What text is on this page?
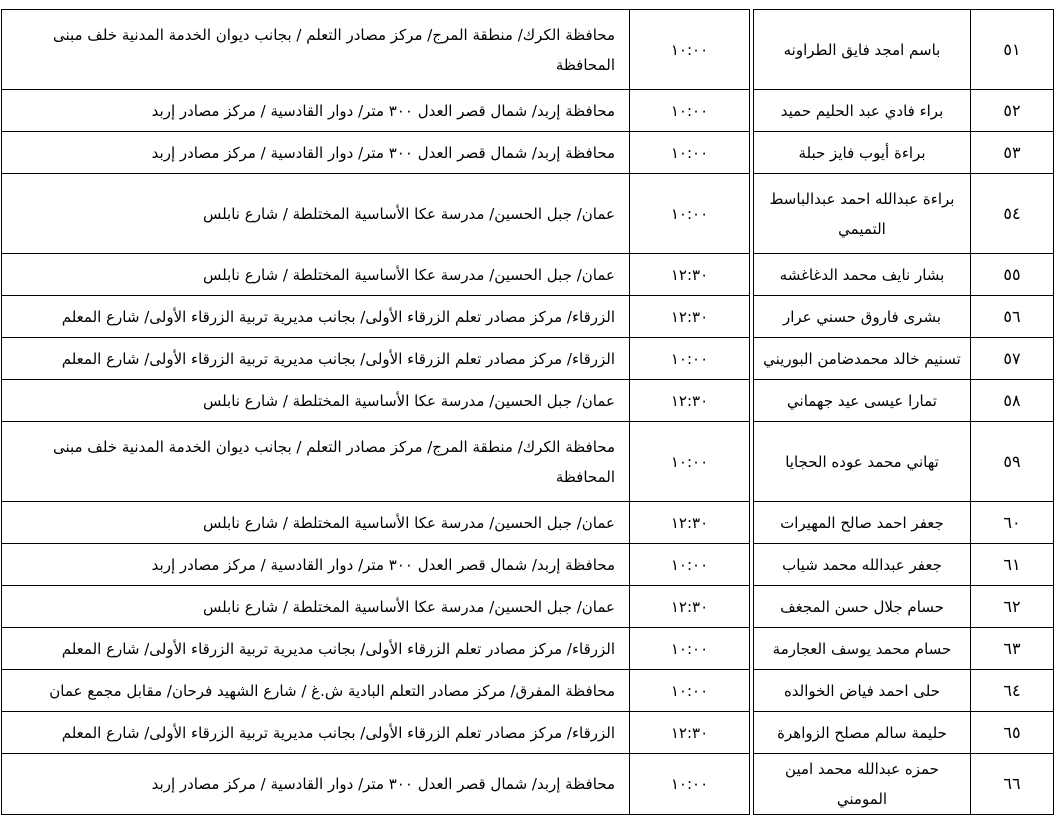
٥١	باسم امجد فايق الطراونه		١٠:٠٠	محافظة الكرك/ منطقة المرج/ مركز مصادر التعلم / بجانب ديوان الخدمة المدنية خلف مبنى المحافظة
٥٢	براء فادي عبد الحليم حميد		١٠:٠٠	محافظة إربد/ شمال قصر العدل ٣٠٠ متر/ دوار القادسية / مركز مصادر إربد
٥٣	براءة أيوب فايز حبلة		١٠:٠٠	محافظة إربد/ شمال قصر العدل ٣٠٠ متر/ دوار القادسية / مركز مصادر إربد
٥٤	براءة عبدالله احمد عبدالباسط التميمي		١٠:٠٠	عمان/ جبل الحسين/ مدرسة عكا الأساسية المختلطة / شارع نابلس
٥٥	بشار نايف محمد الدغاغشه		١٢:٣٠	عمان/ جبل الحسين/ مدرسة عكا الأساسية المختلطة / شارع نابلس
٥٦	بشرى فاروق حسني عرار		١٢:٣٠	الزرقاء/ مركز مصادر تعلم الزرقاء الأولى/ بجانب مديرية تربية الزرقاء الأولى/ شارع المعلم
٥٧	تسنيم خالد محمدضامن البوريني		١٠:٠٠	الزرقاء/ مركز مصادر تعلم الزرقاء الأولى/ بجانب مديرية تربية الزرقاء الأولى/ شارع المعلم
٥٨	تمارا عيسى عيد جهماني		١٢:٣٠	عمان/ جبل الحسين/ مدرسة عكا الأساسية المختلطة / شارع نابلس
٥٩	تهاني محمد عوده الحجايا		١٠:٠٠	محافظة الكرك/ منطقة المرج/ مركز مصادر التعلم / بجانب ديوان الخدمة المدنية خلف مبنى المحافظة
٦٠	جعفر احمد صالح المهيرات		١٢:٣٠	عمان/ جبل الحسين/ مدرسة عكا الأساسية المختلطة / شارع نابلس
٦١	جعفر عبدالله محمد شياب		١٠:٠٠	محافظة إربد/ شمال قصر العدل ٣٠٠ متر/ دوار القادسية / مركز مصادر إربد
٦٢	حسام جلال حسن المجغف		١٢:٣٠	عمان/ جبل الحسين/ مدرسة عكا الأساسية المختلطة / شارع نابلس
٦٣	حسام محمد يوسف العجارمة		١٠:٠٠	الزرقاء/ مركز مصادر تعلم الزرقاء الأولى/ بجانب مديرية تربية الزرقاء الأولى/ شارع المعلم
٦٤	حلى احمد فياض الخوالده		١٠:٠٠	محافظة المفرق/ مركز مصادر التعلم البادية ش.غ / شارع الشهيد فرحان/ مقابل مجمع عمان
٦٥	حليمة سالم مصلح الزواهرة		١٢:٣٠	الزرقاء/ مركز مصادر تعلم الزرقاء الأولى/ بجانب مديرية تربية الزرقاء الأولى/ شارع المعلم
٦٦	حمزه عبدالله محمد امين المومني		١٠:٠٠	محافظة إربد/ شمال قصر العدل ٣٠٠ متر/ دوار القادسية / مركز مصادر إربد
